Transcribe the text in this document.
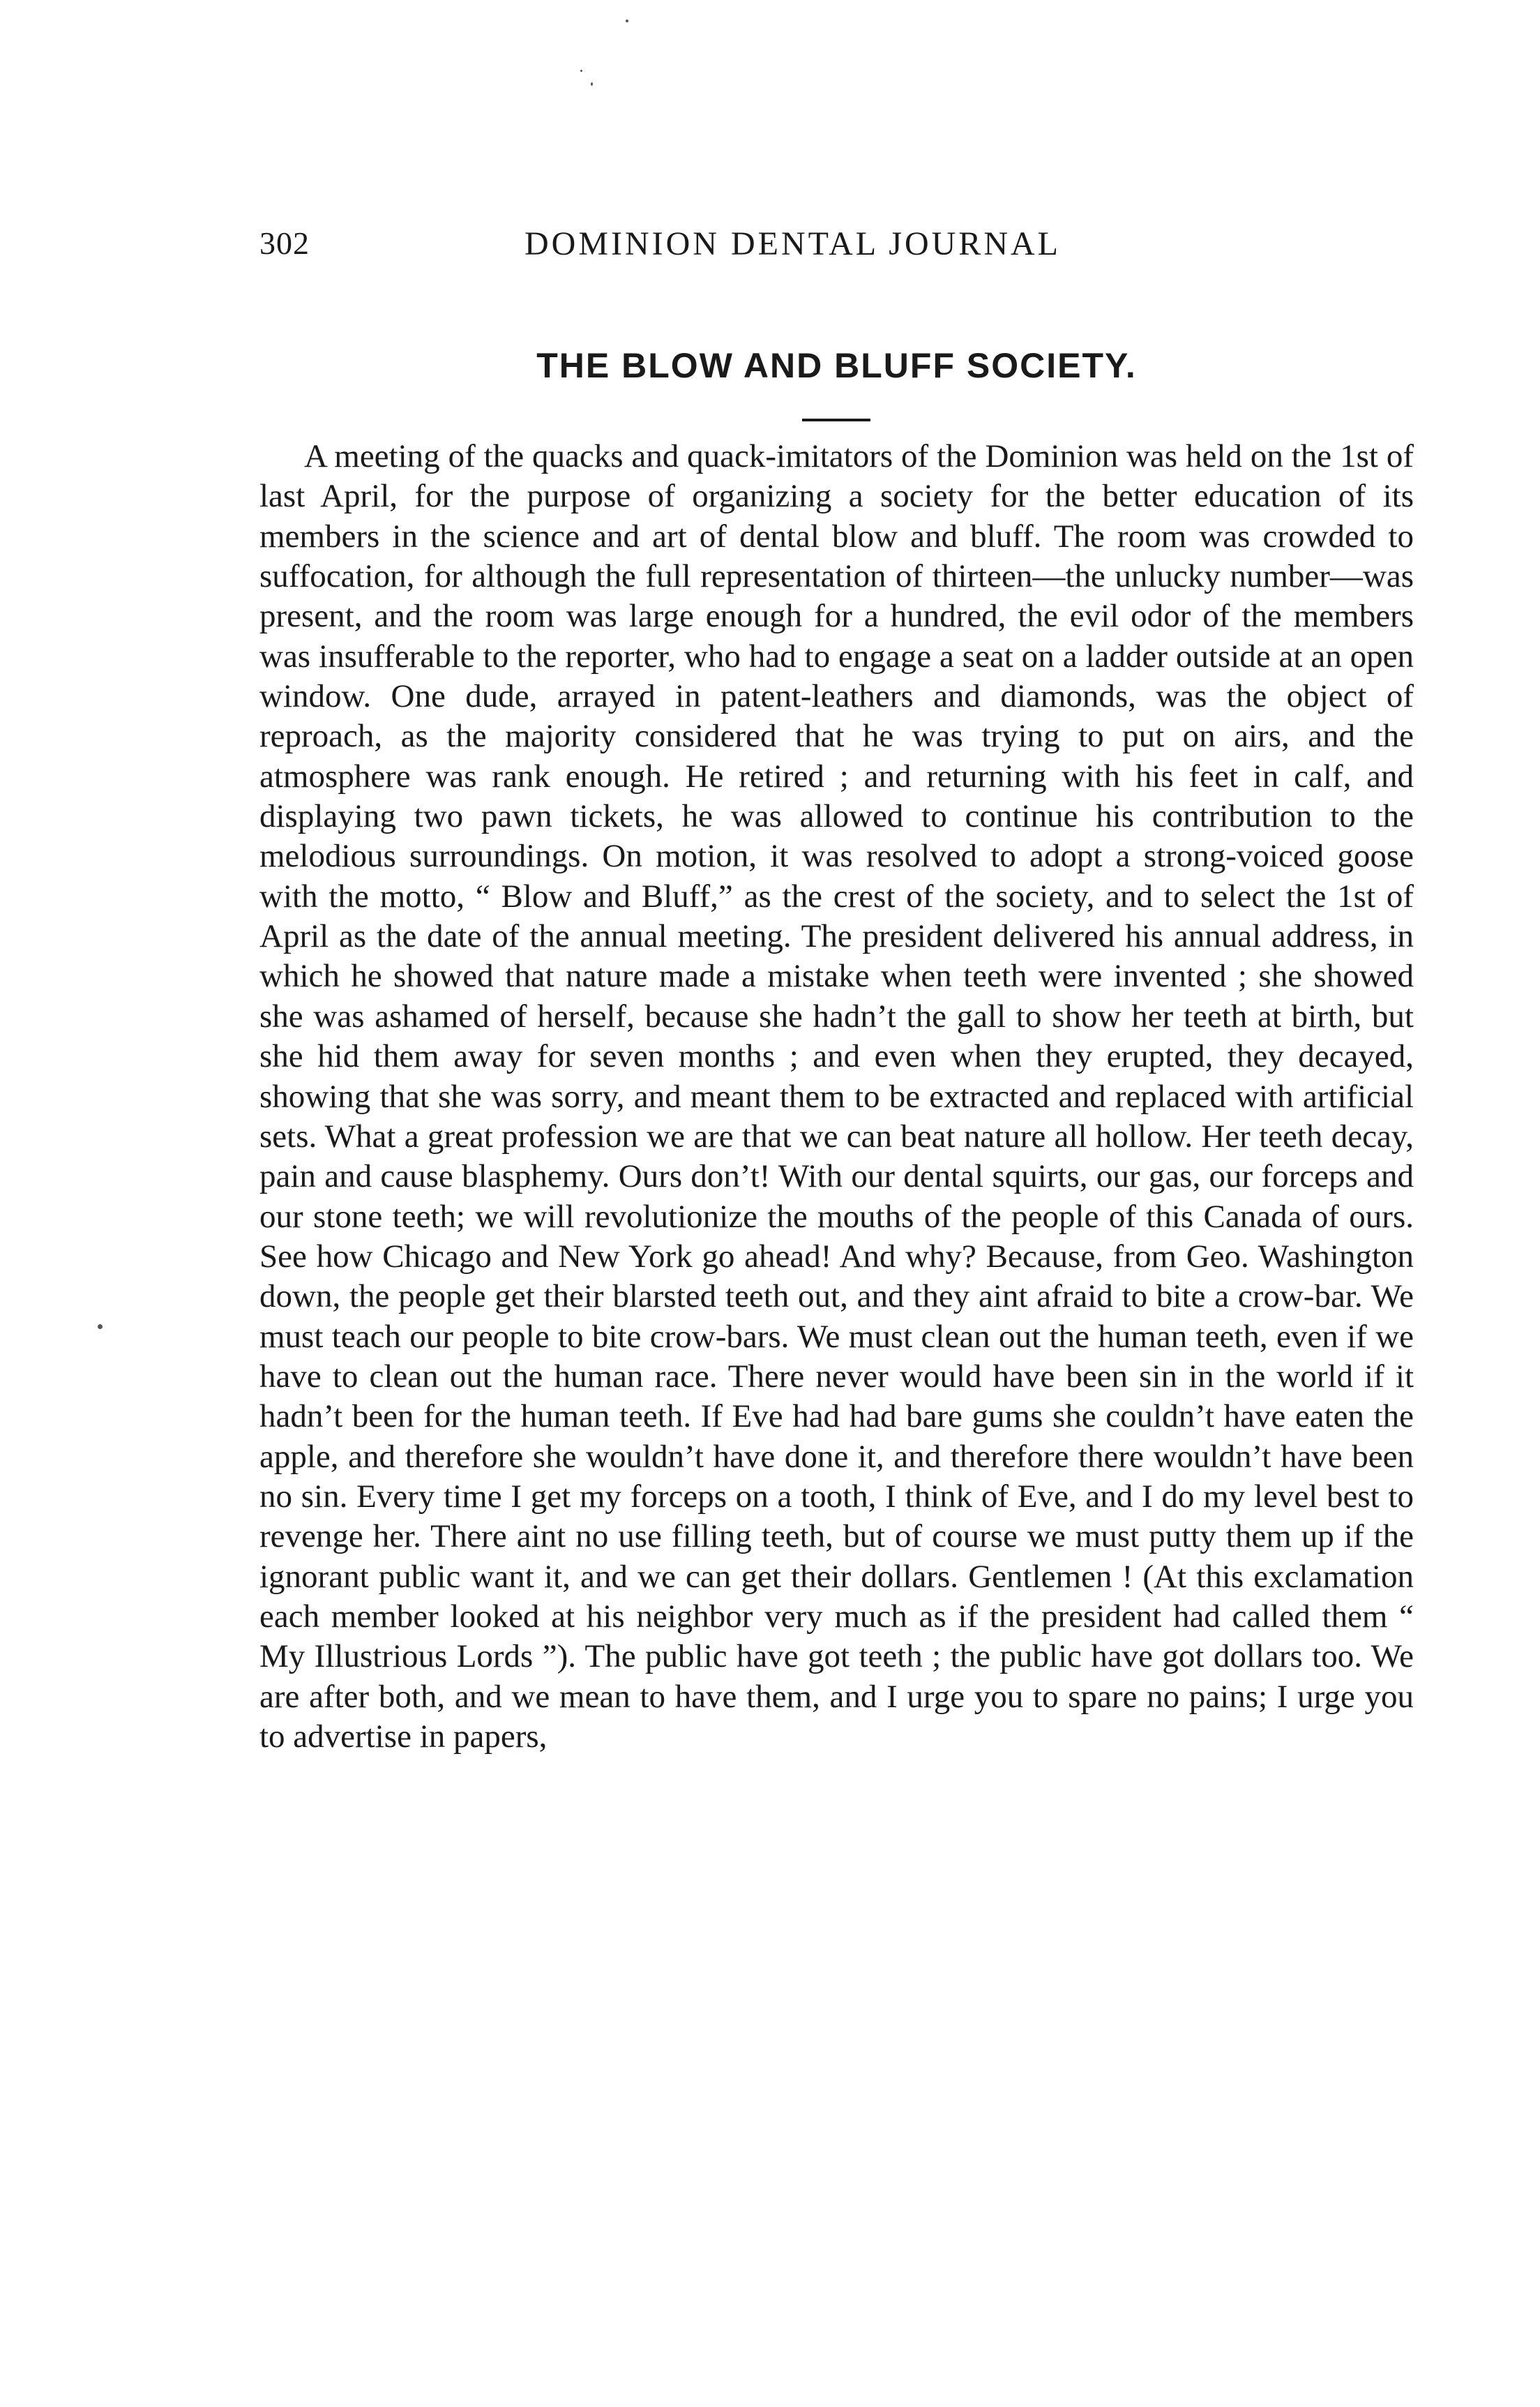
302	DOMINION DENTAL JOURNAL
THE BLOW AND BLUFF SOCIETY.

A meeting of the quacks and quack-imitators of the Dominion was held on the 1st of last April, for the purpose of organizing a society for the better education of its members in the science and art of dental blow and bluff. The room was crowded to suffocation, for although the full representation of thirteen—the unlucky number—was present, and the room was large enough for a hundred, the evil odor of the members was insufferable to the reporter, who had to engage a seat on a ladder outside at an open window. One dude, arrayed in patent-leathers and diamonds, was the object of reproach, as the majority considered that he was trying to put on airs, and the atmosphere was rank enough. He retired ; and returning with his feet in calf, and displaying two pawn tickets, he was allowed to continue his contribution to the melodious surroundings. On motion, it was resolved to adopt a strong-voiced goose with the motto, “ Blow and Bluff,” as the crest of the society, and to select the 1st of April as the date of the annual meeting. The president delivered his annual address, in which he showed that nature made a mistake when teeth were invented ; she showed she was ashamed of herself, because she hadn’t the gall to show her teeth at birth, but she hid them away for seven months ; and even when they erupted, they decayed, showing that she was sorry, and meant them to be extracted and replaced with artificial sets. What a great profession we are that we can beat nature all hollow. Her teeth decay, pain and cause blasphemy. Ours don’t! With our dental squirts, our gas, our forceps and our stone teeth; we will revolutionize the mouths of the people of this Canada of ours. See how Chicago and New York go ahead! And why? Because, from Geo. Washington down, the people get their blarsted teeth out, and they aint afraid to bite a crow-bar. We must teach our people to bite crow-bars. We must clean out the human teeth, even if we have to clean out the human race. There never would have been sin in the world if it hadn’t been for the human teeth. If Eve had had bare gums she couldn’t have eaten the apple, and therefore she wouldn’t have done it, and therefore there wouldn’t have been no sin. Every time I get my forceps on a tooth, I think of Eve, and I do my level best to revenge her. There aint no use filling teeth, but of course we must putty them up if the ignorant public want it, and we can get their dollars. Gentlemen ! (At this exclamation each member looked at his neighbor very much as if the president had called them “ My Illustrious Lords ”). The public have got teeth ; the public have got dollars too. We are after both, and we mean to have them, and I urge you to spare no pains; I urge you to advertise in papers,
